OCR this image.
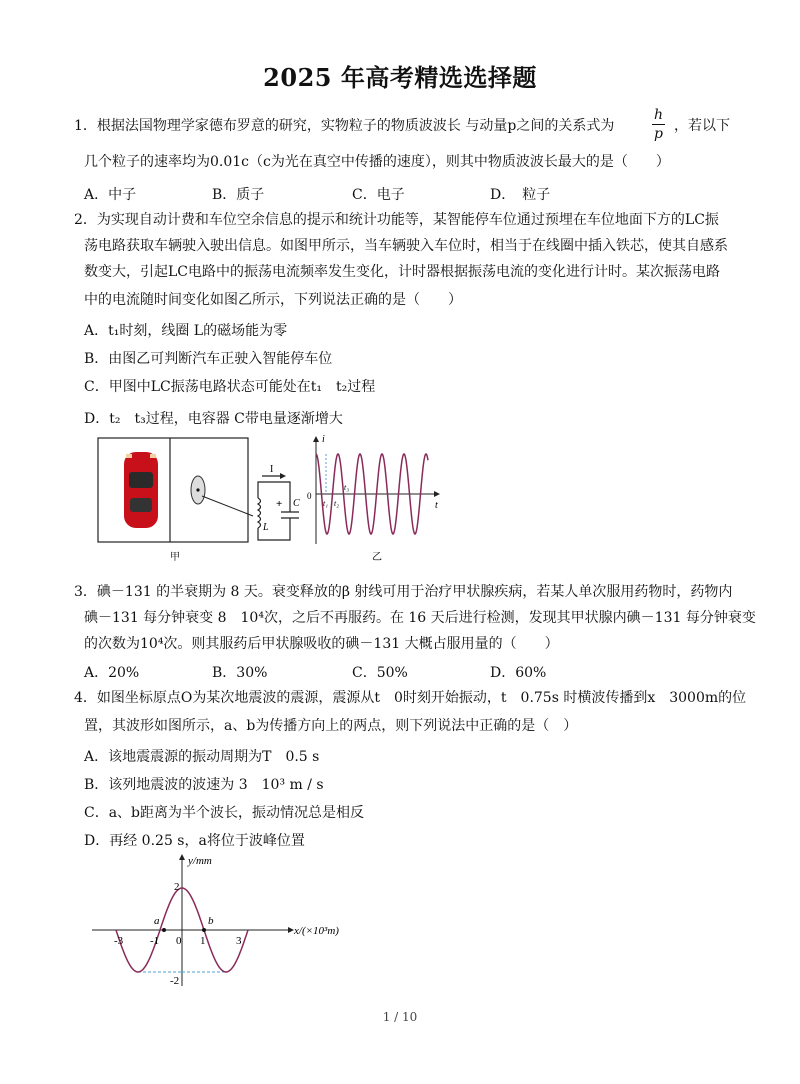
2025 年高考精选选择题
1．根据法国物理学家德布罗意的研究，实物粒子的物质波波长 与动量p之间的关系式为	$\frac{h}{p}$ ，若以下
几个粒子的速率均为0.01c（c为光在真空中传播的速度），则其中物质波波长最大的是（　　）
A．中子	B．质子	C．电子	D．　粒子
2．为实现自动计费和车位空余信息的提示和统计功能等，某智能停车位通过预埋在车位地面下方的LC振
荡电路获取车辆驶入驶出信息。如图甲所示，当车辆驶入车位时，相当于在线圈中插入铁芯，使其自感系
数变大，引起LC电路中的振荡电流频率发生变化，计时器根据振荡电流的变化进行计时。某次振荡电路
中的电流随时间变化如图乙所示，下列说法正确的是（　　）
A．t₁时刻，线圈 L的磁场能为零
B．由图乙可判断汽车正驶入智能停车位
C．甲图中LC振荡电路状态可能处在t₁　t₂过程
D．t₂　t₃过程，电容器 C带电量逐渐增大
I
L
C
+
甲
i
t
0
t₁ t₂
t₃
乙
3．碘－131 的半衰期为 8 天。衰变释放的β 射线可用于治疗甲状腺疾病，若某人单次服用药物时，药物内
碘－131 每分钟衰变 8　10⁴次，之后不再服药。在 16 天后进行检测，发现其甲状腺内碘－131 每分钟衰变
的次数为10⁴次。则其服药后甲状腺吸收的碘－131 大概占服用量的（　　）
A．20%	B．30%	C．50%	D．60%
4．如图坐标原点O为某次地震波的震源，震源从t　0时刻开始振动，t　0.75s 时横波传播到x　3000m的位
置，其波形如图所示，a、b为传播方向上的两点，则下列说法中正确的是（　）
A．该地震震源的振动周期为T　0.5 s
B．该列地震波的波速为 3　10³ m / s
C．a、b距离为半个波长，振动情况总是相反
D．再经 0.25 s，a将位于波峰位置
a	b
y/mm
x/(×10³m)
-3 -1 0 1	3
2
-2
1 / 10
